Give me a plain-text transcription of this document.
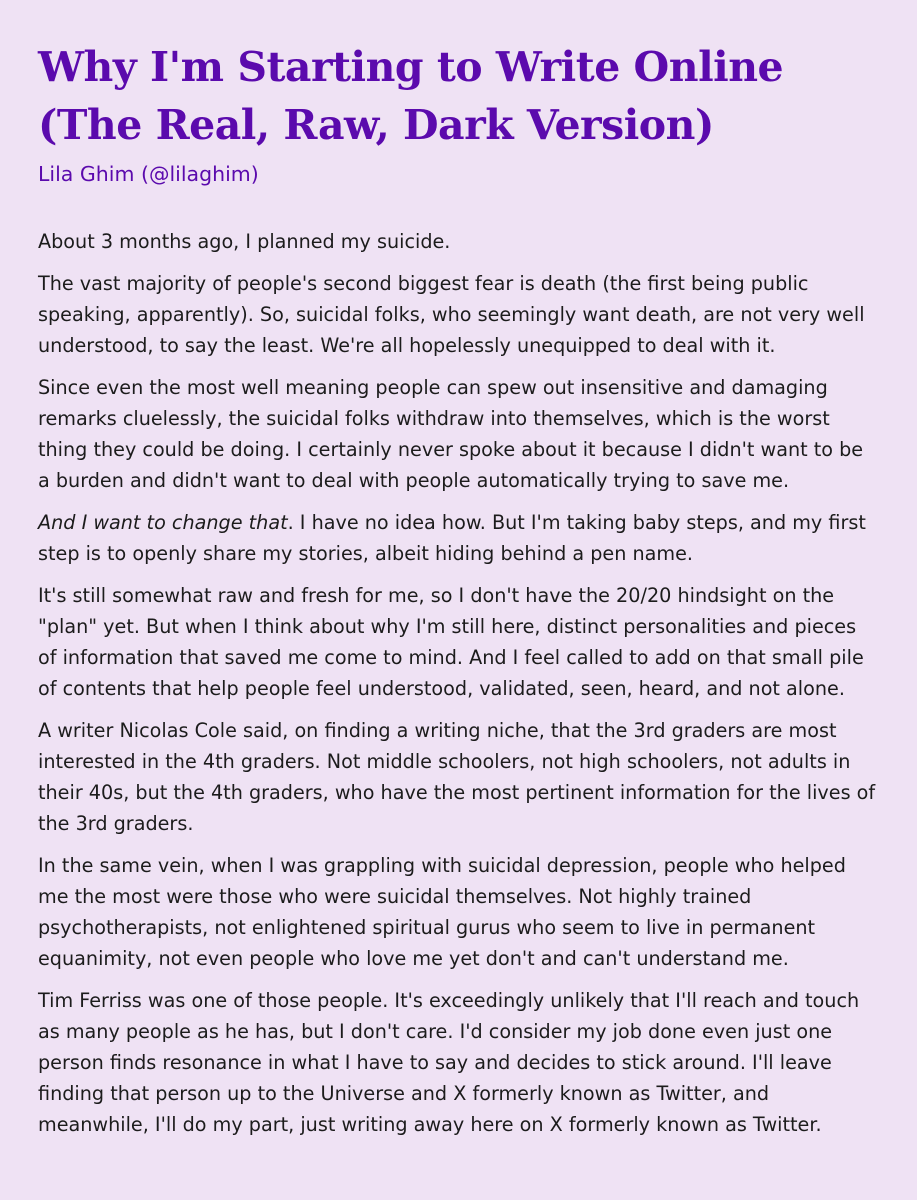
Why I'm Starting to Write Online (The Real, Raw, Dark Version)
Lila Ghim (@lilaghim)

About 3 months ago, I planned my suicide.

The vast majority of people's second biggest fear is death (the first being public speaking, apparently). So, suicidal folks, who seemingly want death, are not very well understood, to say the least. We're all hopelessly unequipped to deal with it.

Since even the most well meaning people can spew out insensitive and damaging remarks cluelessly, the suicidal folks withdraw into themselves, which is the worst thing they could be doing. I certainly never spoke about it because I didn't want to be a burden and didn't want to deal with people automatically trying to save me.

And I want to change that. I have no idea how. But I'm taking baby steps, and my first step is to openly share my stories, albeit hiding behind a pen name.

It's still somewhat raw and fresh for me, so I don't have the 20/20 hindsight on the "plan" yet. But when I think about why I'm still here, distinct personalities and pieces of information that saved me come to mind. And I feel called to add on that small pile of contents that help people feel understood, validated, seen, heard, and not alone.

A writer Nicolas Cole said, on finding a writing niche, that the 3rd graders are most interested in the 4th graders. Not middle schoolers, not high schoolers, not adults in their 40s, but the 4th graders, who have the most pertinent information for the lives of the 3rd graders.

In the same vein, when I was grappling with suicidal depression, people who helped me the most were those who were suicidal themselves. Not highly trained psychotherapists, not enlightened spiritual gurus who seem to live in permanent equanimity, not even people who love me yet don't and can't understand me.

Tim Ferriss was one of those people. It's exceedingly unlikely that I'll reach and touch as many people as he has, but I don't care. I'd consider my job done even just one person finds resonance in what I have to say and decides to stick around. I'll leave finding that person up to the Universe and X formerly known as Twitter, and meanwhile, I'll do my part, just writing away here on X formerly known as Twitter.
